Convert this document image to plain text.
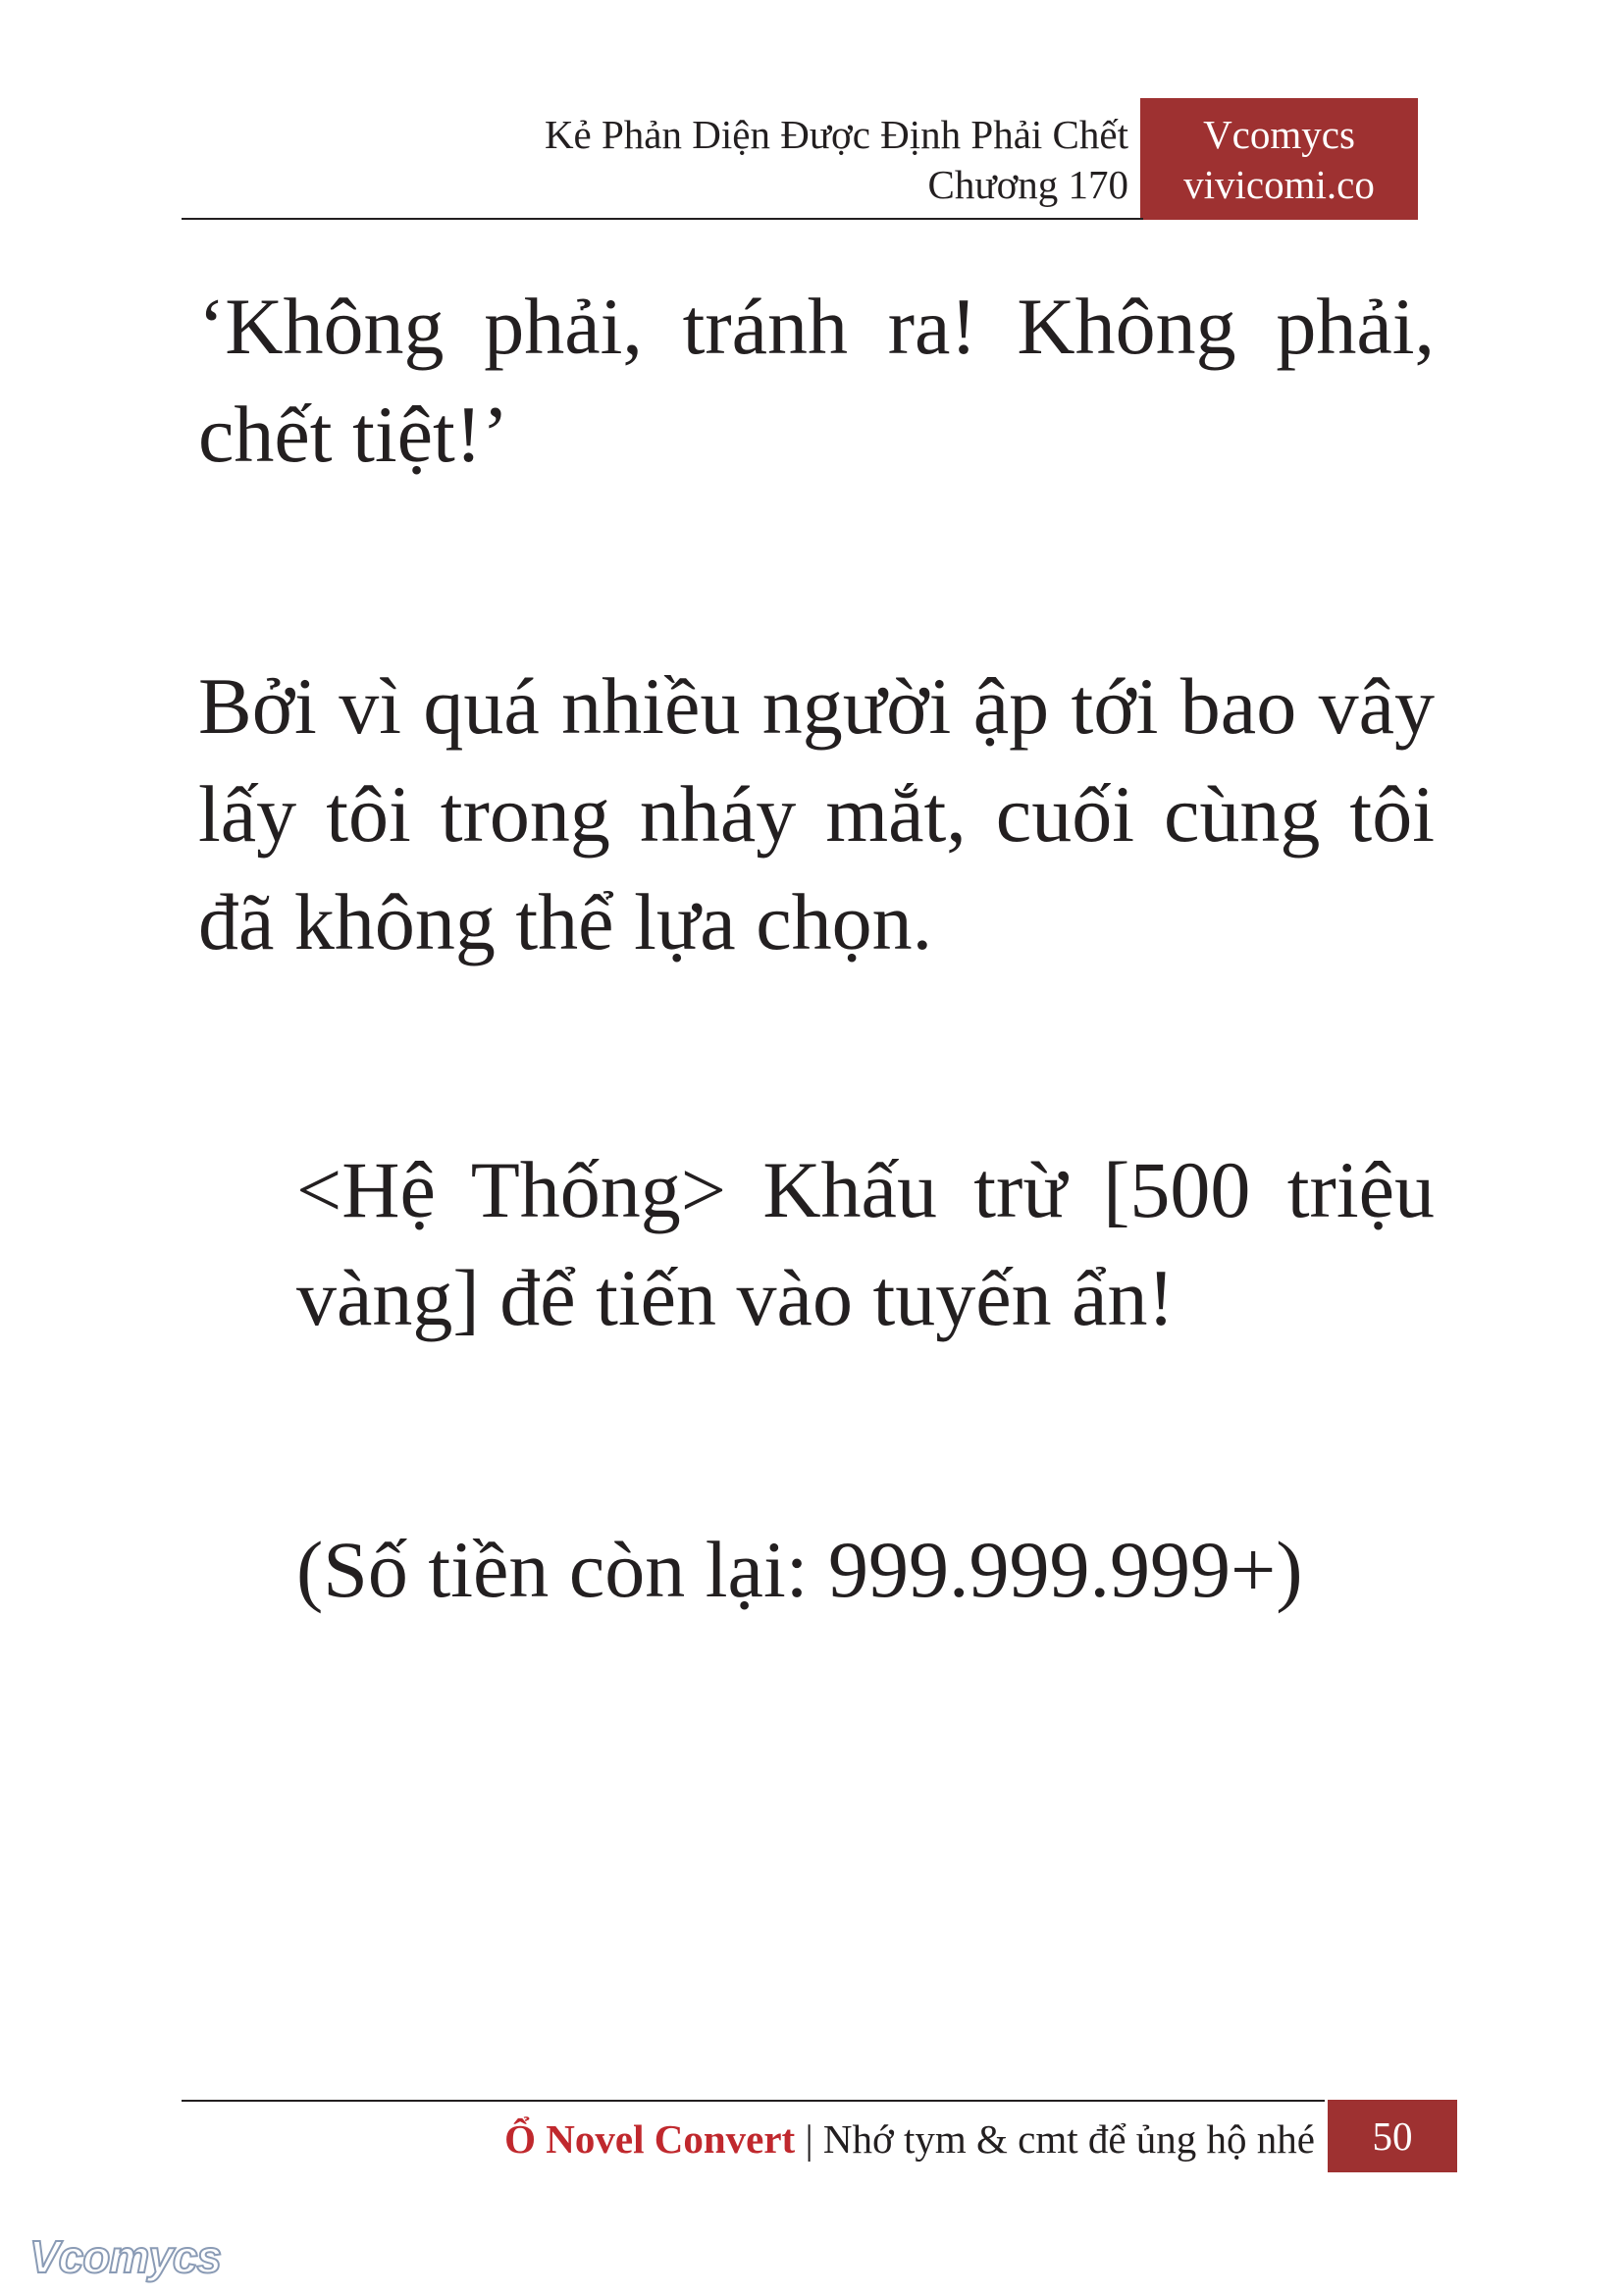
Kẻ Phản Diện Được Định Phải Chết
Chương 170
Vcomycs
vivicomi.co

‘Không phải, tránh ra! Không phải, chết tiệt!’

Bởi vì quá nhiều người ập tới bao vây lấy tôi trong nháy mắt, cuối cùng tôi đã không thể lựa chọn.

<Hệ Thống> Khấu trừ [500 triệu vàng] để tiến vào tuyến ẩn!

(Số tiền còn lại: 999.999.999+)

Ổ Novel Convert | Nhớ tym & cmt để ủng hộ nhé	50
Vcomycs
